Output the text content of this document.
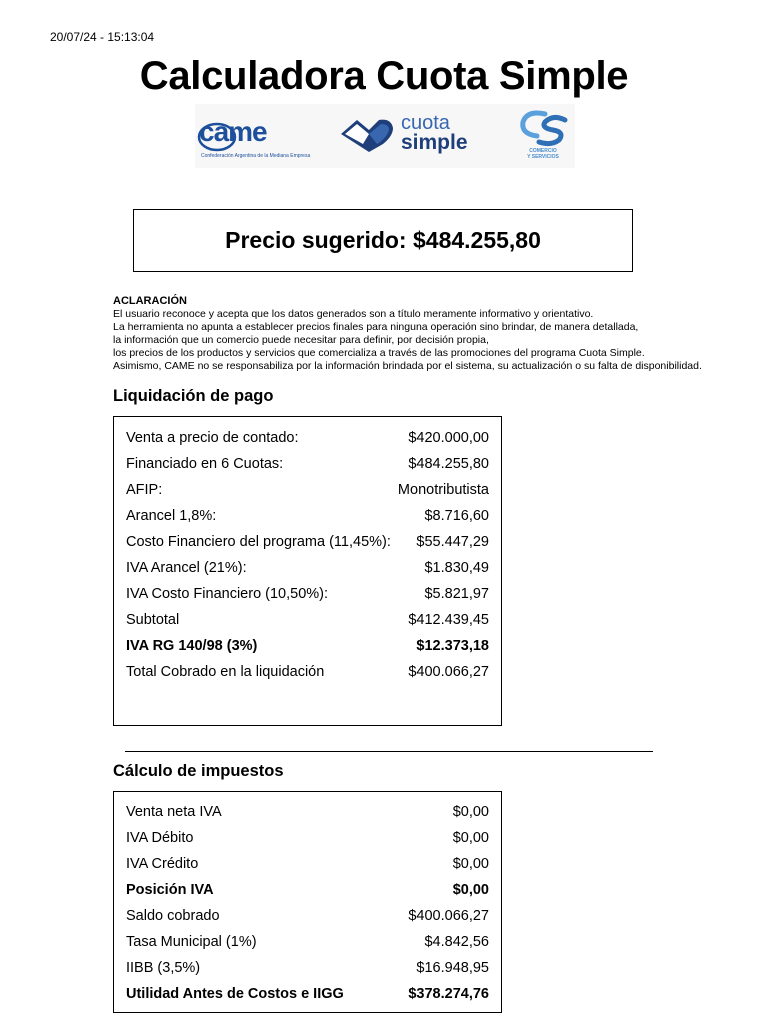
20/07/24 - 15:13:04
Calculadora Cuota Simple
came
Confederación Argentina de la Mediana Empresa
cuota
simple	COMERCIO
Y SERVICIOS
Precio sugerido: $484.255,80
ACLARACIÓN
El usuario reconoce y acepta que los datos generados son a título meramente informativo y orientativo.
La herramienta no apunta a establecer precios finales para ninguna operación sino brindar, de manera detallada,
la información que un comercio puede necesitar para definir, por decisión propia,
los precios de los productos y servicios que comercializa a través de las promociones del programa Cuota Simple.
Asimismo, CAME no se responsabiliza por la información brindada por el sistema, su actualización o su falta de disponibilidad.
Liquidación de pago
Venta a precio de contado:	$420.000,00
Financiado en 6 Cuotas:	$484.255,80
AFIP:	Monotributista
Arancel 1,8%:	$8.716,60
Costo Financiero del programa (11,45%): $55.447,29
IVA Arancel (21%):	$1.830,49
IVA Costo Financiero (10,50%):	$5.821,97
Subtotal	$412.439,45
IVA RG 140/98 (3%)	$12.373,18
Total Cobrado en la liquidación	$400.066,27
Cálculo de impuestos
Venta neta IVA	$0,00
IVA Débito	$0,00
IVA Crédito	$0,00
Posición IVA	$0,00
Saldo cobrado	$400.066,27
Tasa Municipal (1%)	$4.842,56
IIBB (3,5%)	$16.948,95
Utilidad Antes de Costos e IIGG	$378.274,76
